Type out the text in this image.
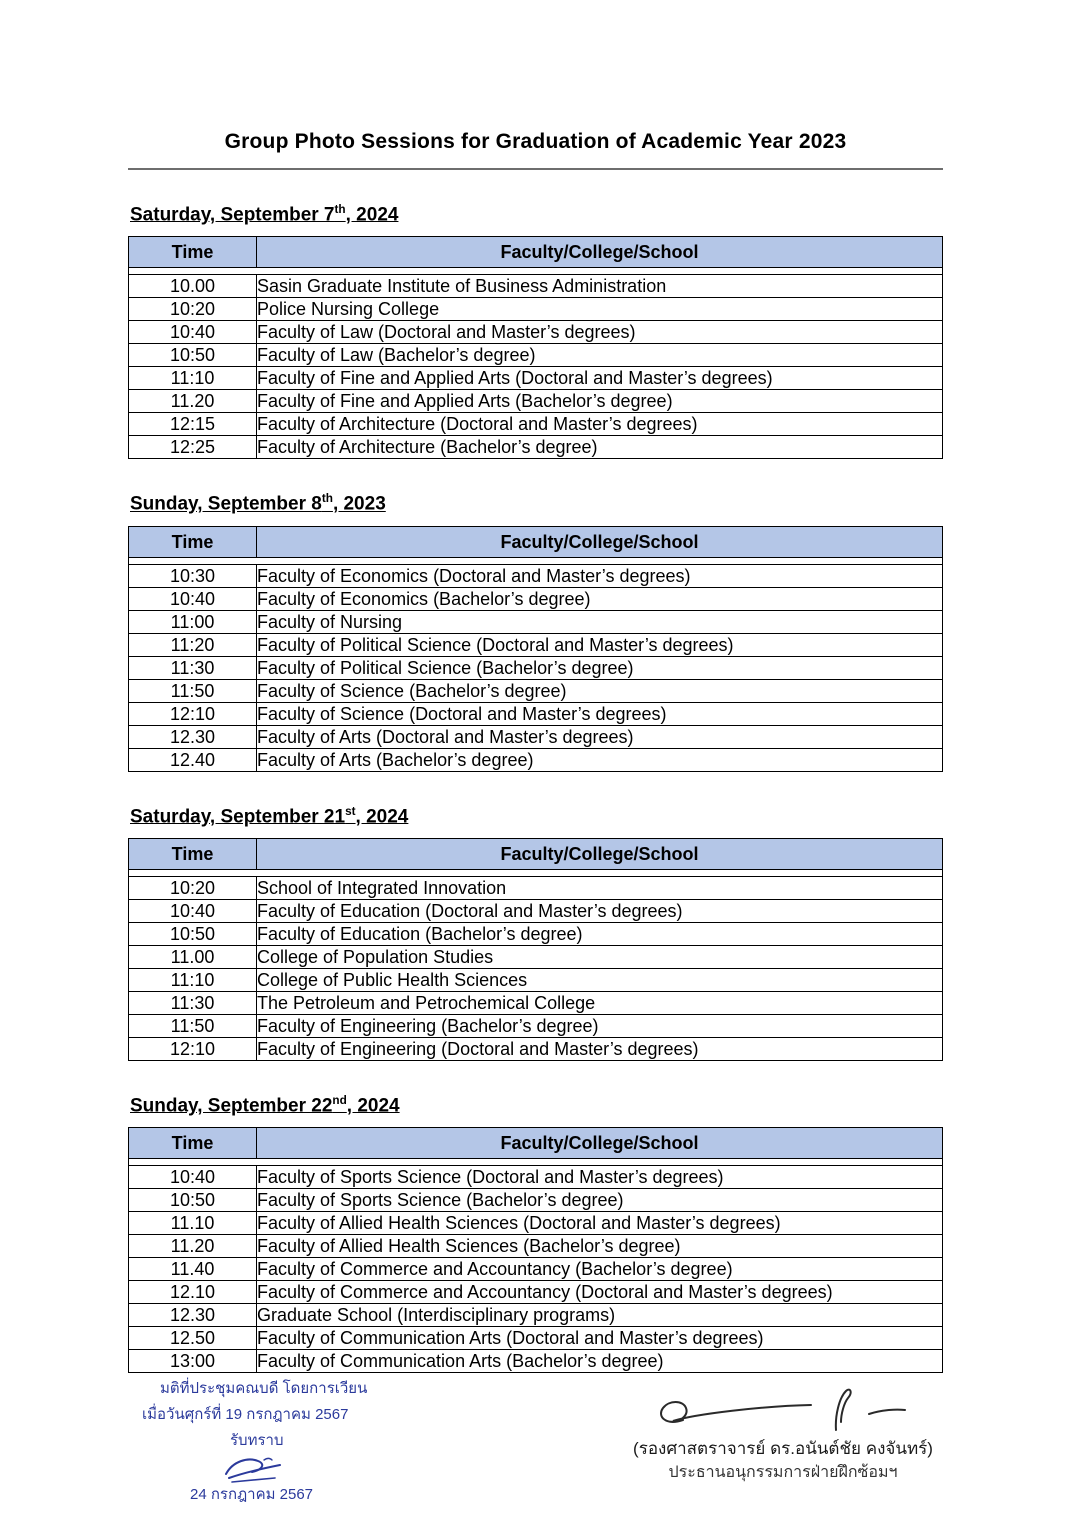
Group Photo Sessions for Graduation of Academic Year 2023
Saturday, September 7th, 2024
Time	Faculty/College/School
10.00	Sasin Graduate Institute of Business Administration
10:20	Police Nursing College
10:40	Faculty of Law (Doctoral and Master’s degrees)
10:50	Faculty of Law (Bachelor’s degree)
11:10	Faculty of Fine and Applied Arts (Doctoral and Master’s degrees)
11.20	Faculty of Fine and Applied Arts (Bachelor’s degree)
12:15	Faculty of Architecture (Doctoral and Master’s degrees)
12:25	Faculty of Architecture (Bachelor’s degree)
Sunday, September 8th, 2023
Time	Faculty/College/School
10:30	Faculty of Economics (Doctoral and Master’s degrees)
10:40	Faculty of Economics (Bachelor’s degree)
11:00	Faculty of Nursing
11:20	Faculty of Political Science (Doctoral and Master’s degrees)
11:30	Faculty of Political Science (Bachelor’s degree)
11:50	Faculty of Science (Bachelor’s degree)
12:10	Faculty of Science (Doctoral and Master’s degrees)
12.30	Faculty of Arts (Doctoral and Master’s degrees)
12.40	Faculty of Arts (Bachelor’s degree)
Saturday, September 21st, 2024
Time	Faculty/College/School
10:20	School of Integrated Innovation
10:40	Faculty of Education (Doctoral and Master’s degrees)
10:50	Faculty of Education (Bachelor’s degree)
11.00	College of Population Studies
11:10	College of Public Health Sciences
11:30	The Petroleum and Petrochemical College
11:50	Faculty of Engineering (Bachelor’s degree)
12:10	Faculty of Engineering (Doctoral and Master’s degrees)
Sunday, September 22nd, 2024
Time	Faculty/College/School
10:40	Faculty of Sports Science (Doctoral and Master’s degrees)
10:50	Faculty of Sports Science (Bachelor’s degree)
11.10	Faculty of Allied Health Sciences (Doctoral and Master’s degrees)
11.20	Faculty of Allied Health Sciences (Bachelor’s degree)
11.40	Faculty of Commerce and Accountancy (Bachelor’s degree)
12.10	Faculty of Commerce and Accountancy (Doctoral and Master’s degrees)
12.30	Graduate School (Interdisciplinary programs)
12.50	Faculty of Communication Arts (Doctoral and Master’s degrees)
13:00	Faculty of Communication Arts (Bachelor’s degree)
มติที่ประชุมคณบดี โดยการเวียน
เมื่อวันศุกร์ที่ 19 กรกฎาคม 2567
รับทราบ
24 กรกฎาคม 2567
(รองศาสตราจารย์ ดร.อนันต์ชัย คงจันทร์)
ประธานอนุกรรมการฝ่ายฝึกซ้อมฯ
